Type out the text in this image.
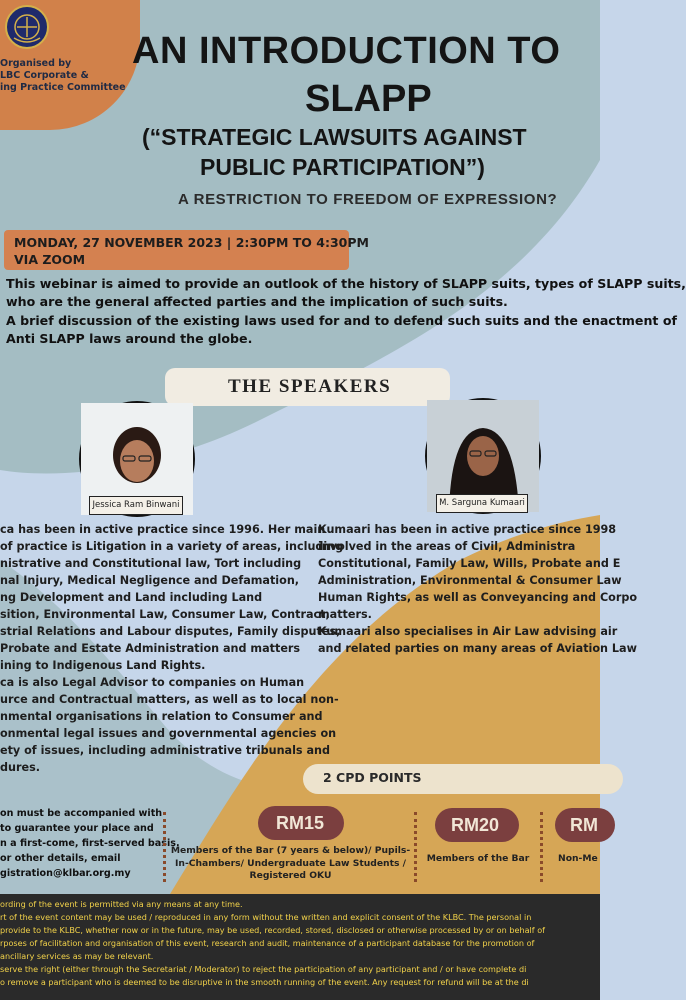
Organised by
LBC Corporate &
ing Practice Committee
AN INTRODUCTION TO
SLAPP
(“STRATEGIC LAWSUITS AGAINST
PUBLIC PARTICIPATION”)
A RESTRICTION TO FREEDOM OF EXPRESSION?
MONDAY, 27 NOVEMBER 2023 | 2:30PM TO 4:30PM
VIA ZOOM
This webinar is aimed to provide an outlook of the history of SLAPP suits, types of SLAPP suits,
who are the general affected parties and the implication of such suits.
A brief discussion of the existing laws used for and to defend such suits and the enactment of
Anti SLAPP laws around the globe.
THE SPEAKERS
Jessica Ram Binwani	M. Sarguna Kumaari
ca has been in active practice since 1996. Her main
of practice is Litigation in a variety of areas, including
nistrative and Constitutional law, Tort including
nal Injury, Medical Negligence and Defamation,
ng Development and Land including Land
sition, Environmental Law, Consumer Law, Contract,
strial Relations and Labour disputes, Family disputes,
Probate and Estate Administration and matters
ining to Indigenous Land Rights.
ca is also Legal Advisor to companies on Human
urce and Contractual matters, as well as to local non-
nmental organisations in relation to Consumer and
onmental legal issues and governmental agencies on
ety of issues, including administrative tribunals and
dures.
Kumaari has been in active practice since 1998
involved in the areas of Civil, Administra
Constitutional, Family Law, Wills, Probate and E
Administration, Environmental & Consumer Law
Human Rights, as well as Conveyancing and Corpo
matters.
Kumaari also specialises in Air Law advising air
and related parties on many areas of Aviation Law
2 CPD POINTS
on must be accompanied with
to guarantee your place and
n a first-come, first-served basis.
or other details, email
gistration@klbar.org.my
RM15
Members of the Bar (7 years & below)/ Pupils-In-Chambers/ Undergraduate Law Students / Registered OKU
RM20
Members of the Bar
RM
Non-Me
ording of the event is permitted via any means at any time.
rt of the event content may be used / reproduced in any form without the written and explicit consent of the KLBC. The personal in
provide to the KLBC, whether now or in the future, may be used, recorded, stored, disclosed or otherwise processed by or on behalf of
rposes of facilitation and organisation of this event, research and audit, maintenance of a participant database for the promotion of
ancillary services as may be relevant.
serve the right (either through the Secretariat / Moderator) to reject the participation of any participant and / or have complete di
o remove a participant who is deemed to be disruptive in the smooth running of the event. Any request for refund will be at the di
